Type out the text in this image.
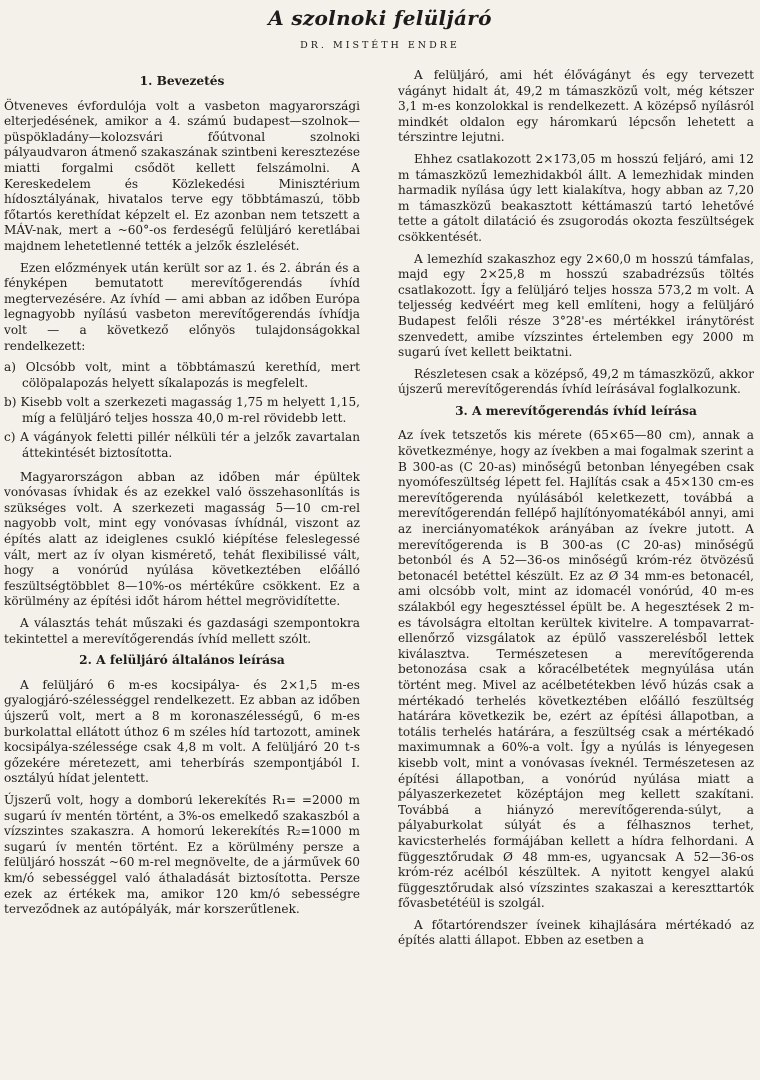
A szolnoki felüljáró
DR. MISTÉTH ENDRE
1. Bevezetés

Ötveneves évfordulója volt a vasbeton magyarországi elterjedésének, amikor a 4. számú budapest—szolnok—püspökladány—kolozsvári főútvonal szolnoki pályaudvaron átmenő szakaszának szintbeni keresztezése miatti forgalmi csődöt kellett felszámolni. A Kereskedelem és Közlekedési Minisztérium hídosztályának, hivatalos terve egy többtámaszú, több főtartós kerethídat képzelt el. Ez azonban nem tetszett a MÁV-nak, mert a ~60°-os ferdeségű felüljáró keretlábai majdnem lehetetlenné tették a jelzők észlelését.

Ezen előzmények után került sor az 1. és 2. ábrán és a fényképen bemutatott merevítőgerendás ívhíd megtervezésére. Az ívhíd — ami abban az időben Európa legnagyobb nyílású vasbeton merevítőgerendás ívhídja volt — a következő előnyös tulajdonságokkal rendelkezett:

a) Olcsóbb volt, mint a többtámaszú kerethíd, mert cölöpalapozás helyett síkalapozás is megfelelt.
b) Kisebb volt a szerkezeti magasság 1,75 m helyett 1,15, míg a felüljáró teljes hossza 40,0 m-rel rövidebb lett.
c) A vágányok feletti pillér nélküli tér a jelzők zavartalan áttekintését biztosította.

Magyarországon abban az időben már épültek vonóvasas ívhidak és az ezekkel való összehasonlítás is szükséges volt. A szerkezeti magasság 5—10 cm-rel nagyobb volt, mint egy vonóvasas ívhídnál, viszont az építés alatt az ideiglenes csukló kiépítése feleslegessé vált, mert az ív olyan kismérető, tehát flexibilissé vált, hogy a vonórúd nyúlása következtében előálló feszültségtöbblet 8—10%-os mértékűre csökkent. Ez a körülmény az építési időt három héttel megrövidítette.

A választás tehát műszaki és gazdasági szempontokra tekintettel a merevítőgerendás ívhíd mellett szólt.

2. A felüljáró általános leírása

A felüljáró 6 m-es kocsipálya- és 2×1,5 m-es gyalogjáró-szélességgel rendelkezett. Ez abban az időben újszerű volt, mert a 8 m koronaszélességű, 6 m-es burkolattal ellátott úthoz 6 m széles híd tartozott, aminek kocsipálya-szélessége csak 4,8 m volt. A felüljáró 20 t-s gőzekére méretezett, ami teherbírás szempontjából I. osztályú hídat jelentett.

Újszerű volt, hogy a domború lekerekítés R₁= =2000 m sugarú ív mentén történt, a 3%-os emelkedő szakaszból a vízszintes szakaszra. A homorú lekerekítés R₂=1000 m sugarú ív mentén történt. Ez a körülmény persze a felüljáró hosszát ~60 m-rel megnövelte, de a járművek 60 km/ó sebességgel való áthaladását biztosította. Persze ezek az értékek ma, amikor 120 km/ó sebességre terveződnek az autópályák, már korszerűtlenek.

A felüljáró, ami hét élővágányt és egy tervezett vágányt hidalt át, 49,2 m támaszközű volt, még kétszer 3,1 m-es konzolokkal is rendelkezett. A középső nyílásról mindkét oldalon egy háromkarú lépcsőn lehetett a térszintre lejutni.

Ehhez csatlakozott 2×173,05 m hosszú feljáró, ami 12 m támaszközű lemezhidakból állt. A lemezhidak minden harmadik nyílása úgy lett kialakítva, hogy abban az 7,20 m támaszközű beakasztott kéttámaszú tartó lehetővé tette a gátolt dilatáció és zsugorodás okozta feszültségek csökkentését.

A lemezhíd szakaszhoz egy 2×60,0 m hosszú támfalas, majd egy 2×25,8 m hosszú szabadrézsűs töltés csatlakozott. Így a felüljáró teljes hossza 573,2 m volt. A teljesség kedvéért meg kell említeni, hogy a felüljáró Budapest felőli része 3°28'-es mértékkel iránytörést szenvedett, amibe vízszintes értelemben egy 2000 m sugarú ívet kellett beiktatni.

Részletesen csak a középső, 49,2 m támaszközű, akkor újszerű merevítőgerendás ívhíd leírásával foglalkozunk.

3. A merevítőgerendás ívhíd leírása

Az ívek tetszetős kis mérete (65×65—80 cm), annak a következménye, hogy az ívekben a mai fogalmak szerint a B 300-as (C 20-as) minőségű betonban lényegében csak nyomófeszültség lépett fel. Hajlítás csak a 45×130 cm-es merevítőgerenda nyúlásából keletkezett, továbbá a merevítőgerendán fellépő hajlítónyomatékából annyi, ami az inerciányomatékok arányában az ívekre jutott. A merevítőgerenda is B 300-as (C 20-as) minőségű betonból és A 52—36-os minőségű króm-réz ötvözésű betonacél betéttel készült. Ez az Ø 34 mm-es betonacél, ami olcsóbb volt, mint az idomacél vonórúd, 40 m-es szálakból egy hegesztéssel épült be. A hegesztések 2 m-es távolságra eltoltan kerültek kivitelre. A tompavarrat-ellenőrző vizsgálatok az épülő vasszerelésből lettek kiválasztva. Természetesen a merevítőgerenda betonozása csak a kőracélbetétek megnyúlása után történt meg. Mivel az acélbetétekben lévő húzás csak a mértékadó terhelés következtében előálló feszültség határára következik be, ezért az építési állapotban, a totális terhelés határára, a feszültség csak a mértékadó maximumnak a 60%-a volt. Így a nyúlás is lényegesen kisebb volt, mint a vonóvasas íveknél. Természetesen az építési állapotban, a vonórúd nyúlása miatt a pályaszerkezetet középtájon meg kellett szakítani. Továbbá a hiányzó merevítőgerenda-súlyt, a pályaburkolat súlyát és a félhasznos terhet, kavicsterhelés formájában kellett a hídra felhordani. A függesztőrudak Ø 48 mm-es, ugyancsak A 52—36-os króm-réz acélból készültek. A nyitott kengyel alakú függesztőrudak alsó vízszintes szakaszai a kereszttartók fővasbetétéül is szolgál.

A főtartórendszer íveinek kihajlására mértékadó az építés alatti állapot. Ebben az esetben a
